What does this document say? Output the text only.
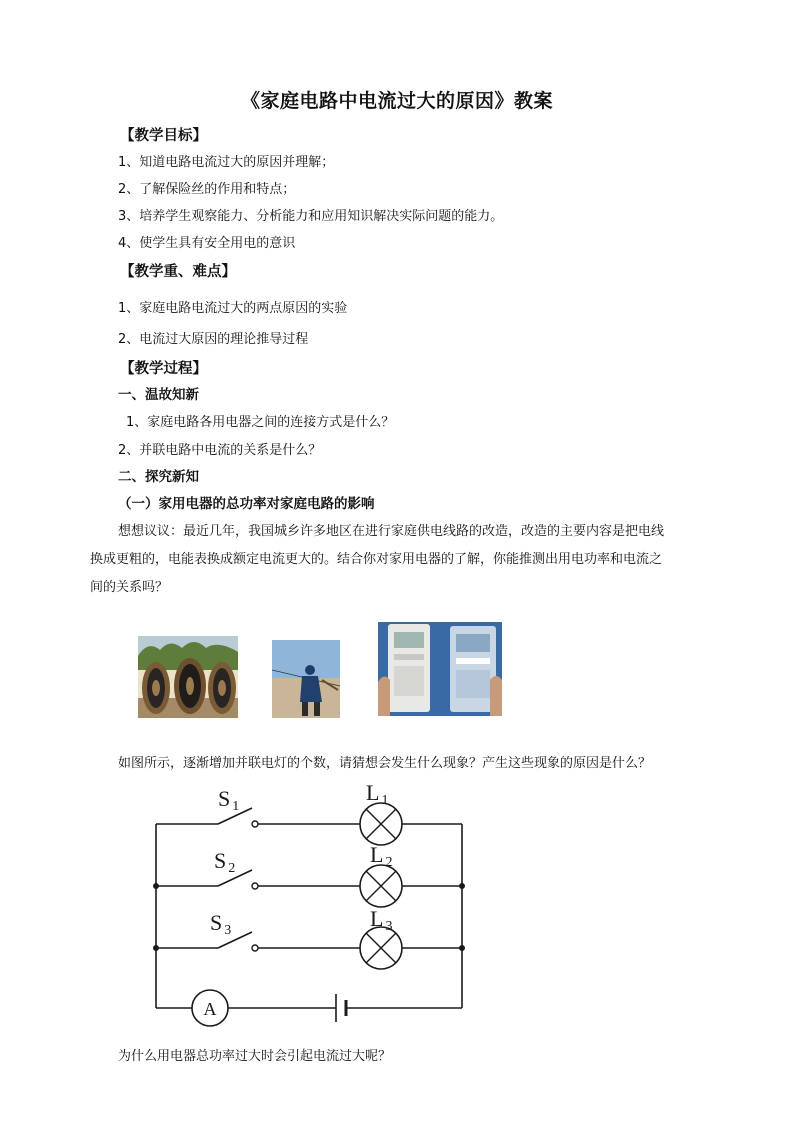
《家庭电路中电流过大的原因》教案
【教学目标】
1、知道电路电流过大的原因并理解；
2、了解保险丝的作用和特点；
3、培养学生观察能力、分析能力和应用知识解决实际问题的能力。
4、使学生具有安全用电的意识
【教学重、难点】
1、家庭电路电流过大的两点原因的实验
2、电流过大原因的理论推导过程
【教学过程】
一、温故知新
1、家庭电路各用电器之间的连接方式是什么？
2、并联电路中电流的关系是什么？
二、探究新知
（一）家用电器的总功率对家庭电路的影响
想想议议：最近几年，我国城乡许多地区在进行家庭供电线路的改造，改造的主要内容是把电线
换成更粗的，电能表换成额定电流更大的。结合你对家用电器的了解，你能推测出用电功率和电流之
间的关系吗？
如图所示，逐渐增加并联电灯的个数，请猜想会发生什么现象？产生这些现象的原因是什么？
A
S 1
S 2
S 3
L 1
L 2
L 3
为什么用电器总功率过大时会引起电流过大呢？
